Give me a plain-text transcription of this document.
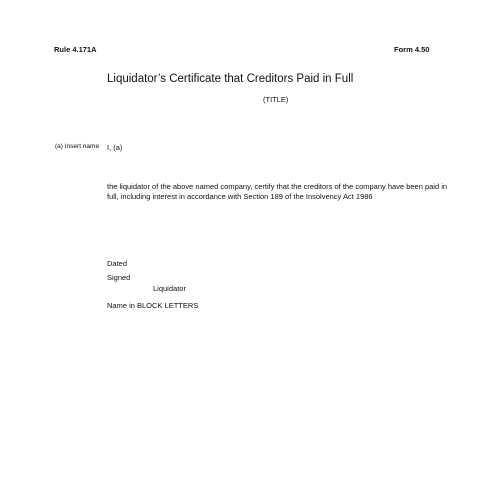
Rule 4.171A	Form 4.50
Liquidator’s Certificate that Creditors Paid in Full
(TITLE)
(a) Insert name I, (a)
the liquidator of the above named company, certify that the creditors of the company have been paid in full, including interest in accordance with Section 189 of the Insolvency Act 1986
Dated
Signed
Liquidator
Name in BLOCK LETTERS
